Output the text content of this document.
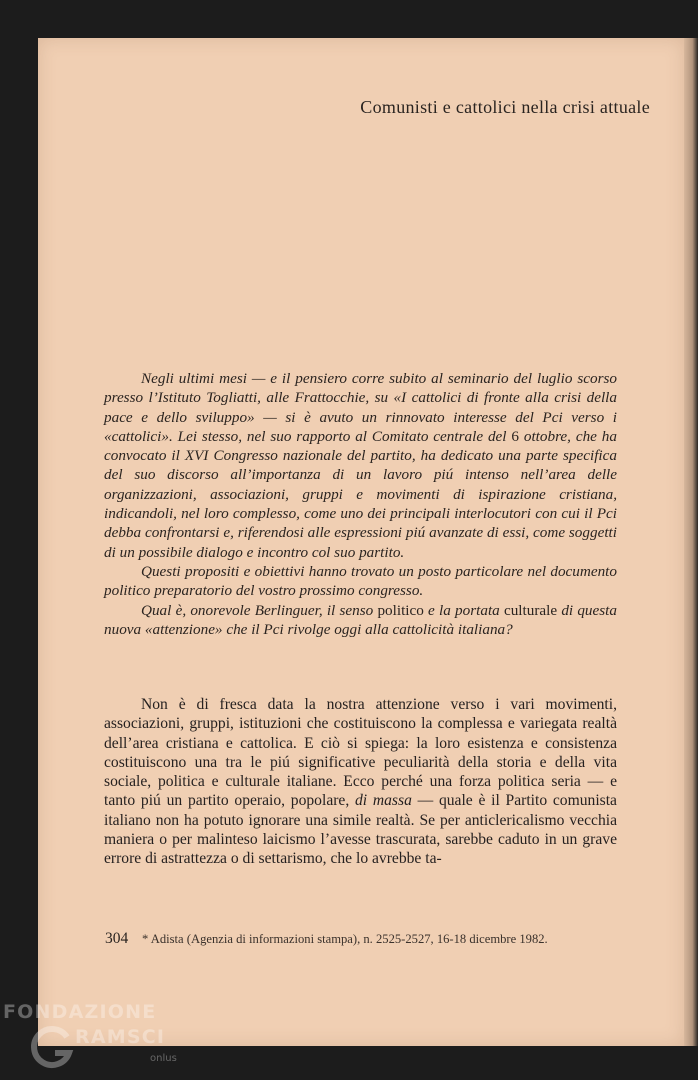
Comunisti e cattolici nella crisi attuale

Negli ultimi mesi — e il pensiero corre subito al seminario del luglio scorso presso l’Istituto Togliatti, alle Frattocchie, su «I cattolici di fronte alla crisi della pace e dello sviluppo» — si è avuto un rinnovato interesse del Pci verso i «cattolici». Lei stesso, nel suo rapporto al Comitato centrale del 6 ottobre, che ha convocato il XVI Congresso nazionale del partito, ha dedicato una parte specifica del suo discorso all’importanza di un lavoro piú intenso nell’area delle organizzazioni, associazioni, gruppi e movimenti di ispirazione cristiana, indicandoli, nel loro complesso, come uno dei principali interlocutori con cui il Pci debba confrontarsi e, riferendosi alle espressioni piú avanzate di essi, come soggetti di un possibile dialogo e incontro col suo partito.

Questi propositi e obiettivi hanno trovato un posto particolare nel documento politico preparatorio del vostro prossimo congresso.

Qual è, onorevole Berlinguer, il senso politico e la portata culturale di questa nuova «attenzione» che il Pci rivolge oggi alla cattolicità italiana?

Non è di fresca data la nostra attenzione verso i vari movimenti, associazioni, gruppi, istituzioni che costituiscono la complessa e variegata realtà dell’area cristiana e cattolica. E ciò si spiega: la loro esistenza e consistenza costituiscono una tra le piú significative peculiarità della storia e della vita sociale, politica e culturale italiane. Ecco perché una forza politica seria — e tanto piú un partito operaio, popolare, di massa — quale è il Partito comunista italiano non ha potuto ignorare una simile realtà. Se per anticlericalismo vecchia maniera o per malinteso laicismo l’avesse trascurata, sarebbe caduto in un grave errore di astrattezza o di settarismo, che lo avrebbe ta-

* Adista (Agenzia di informazioni stampa), n. 2525-2527, 16-18 dicembre 1982.
304
FONDAZIONE
RAMSCI
onlus
